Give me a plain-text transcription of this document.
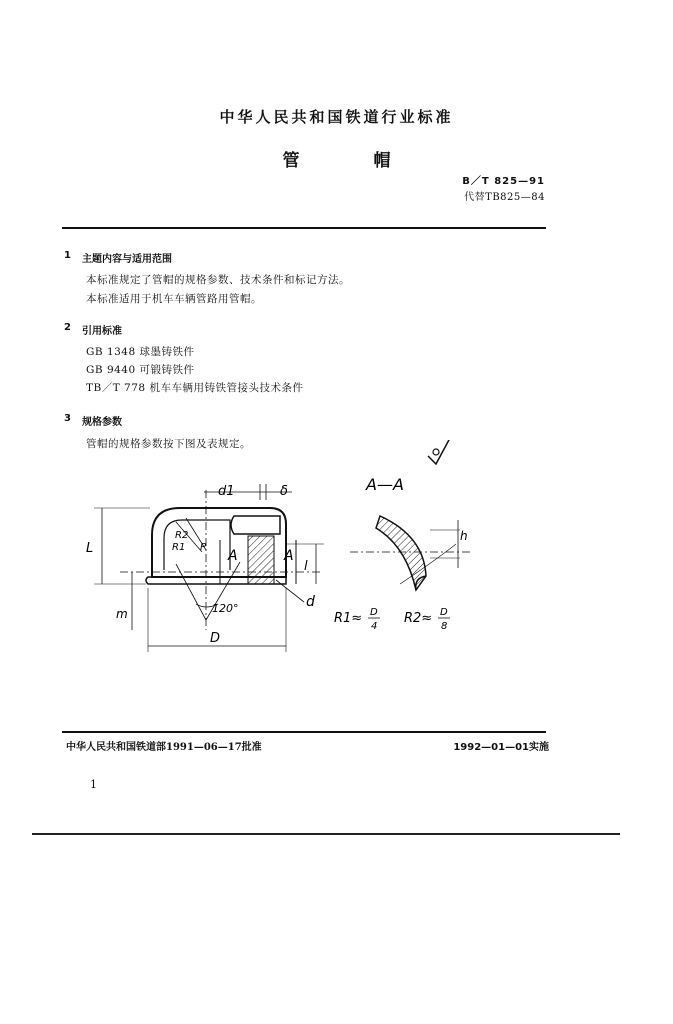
中华人民共和国铁道行业标准
管 帽
B／T 825—91
代替TB825—84
1 主题内容与适用范围
本标准规定了管帽的规格参数、技术条件和标记方法。
本标准适用于机车车辆管路用管帽。
2 引用标准
GB 1348 球墨铸铁件
GB 9440 可锻铸铁件
TB／T 778 机车车辆用铸铁管接头技术条件
3 规格参数
管帽的规格参数按下图及表规定。
d1	δ
R2
R1 P
A	A
L
l
m	120°	d
D
A—A
h
R1≈ D
4
R2≈ D
8
中华人民共和国铁道部1991—06—17批准	1992—01—01实施
1
